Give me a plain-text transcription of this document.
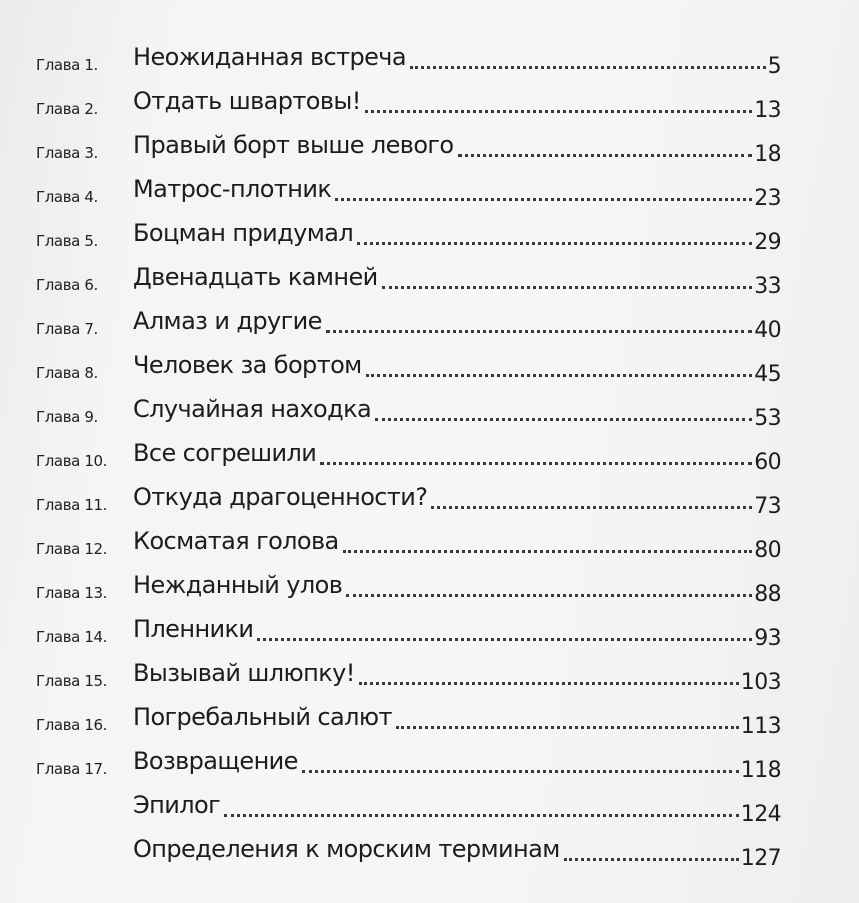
Глава 1.	Неожиданная встреча	5
Глава 2.	Отдать швартовы!	13
Глава 3.	Правый борт выше левого	18
Глава 4.	Матрос-плотник	23
Глава 5.	Боцман придумал	29
Глава 6.	Двенадцать камней	33
Глава 7.	Алмаз и другие	40
Глава 8.	Человек за бортом	45
Глава 9.	Случайная находка	53
Глава 10.	Все согрешили	60
Глава 11.	Откуда драгоценности?	73
Глава 12.	Косматая голова	80
Глава 13.	Нежданный улов	88
Глава 14.	Пленники	93
Глава 15.	Вызывай шлюпку!	103
Глава 16.	Погребальный салют	113
Глава 17.	Возвращение	118
Эпилог	124
Определения к морским терминам	127
